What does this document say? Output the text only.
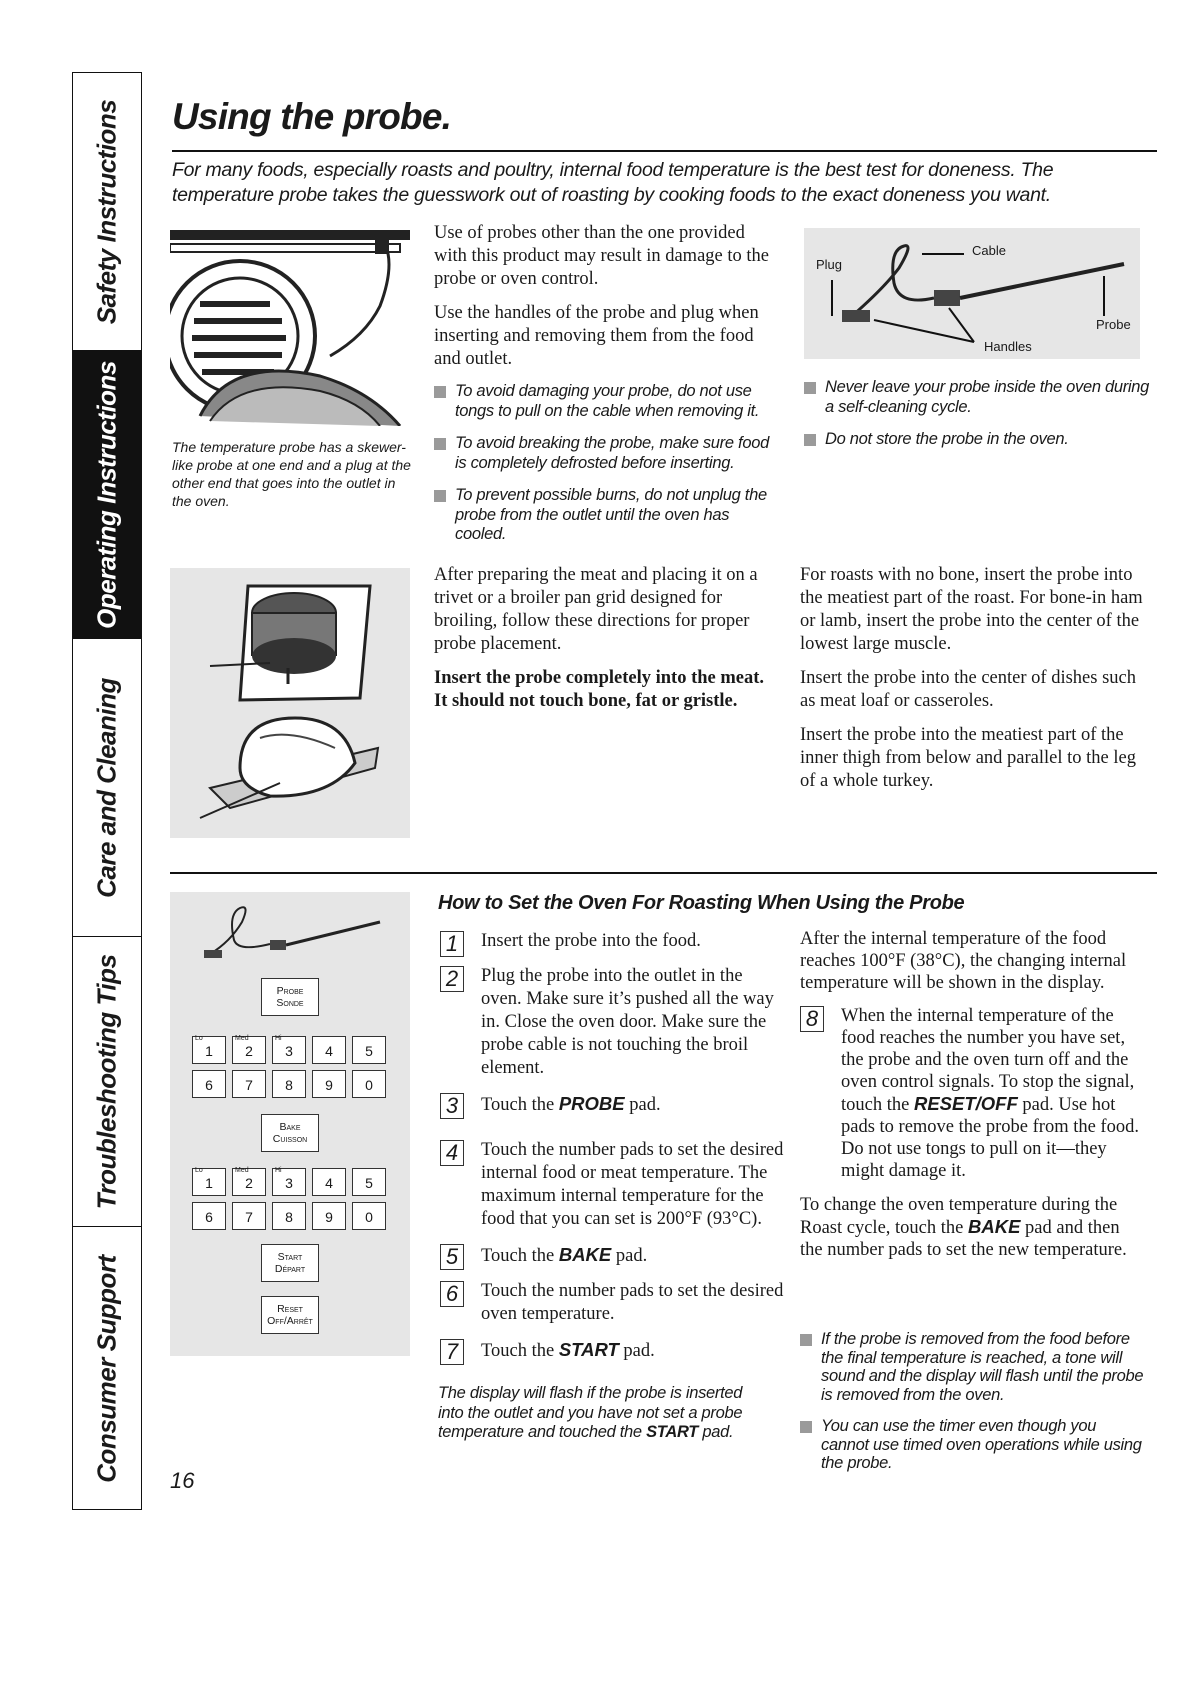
Safety Instructions
Operating Instructions
Care and Cleaning
Troubleshooting Tips
Consumer Support
Using the probe.
For many foods, especially roasts and poultry, internal food temperature is the best test for doneness. The temperature probe takes the guesswork out of roasting by cooking foods to the exact doneness you want.
The temperature probe has a skewer-like probe at one end and a plug at the other end that goes into the outlet in the oven.

Use of probes other than the one provided with this product may result in damage to the probe or oven control.

Use the handles of the probe and plug when inserting and removing them from the food and outlet.

To avoid damaging your probe, do not use tongs to pull on the cable when removing it.
To avoid breaking the probe, make sure food is completely defrosted before inserting.
To prevent possible burns, do not unplug the probe from the outlet until the oven has cooled.
Plug
Cable
Probe
Handles
Never leave your probe inside the oven during a self-cleaning cycle.
Do not store the probe in the oven.

After preparing the meat and placing it on a trivet or a broiler pan grid designed for broiling, follow these directions for proper probe placement.

Insert the probe completely into the meat. It should not touch bone, fat or gristle.

For roasts with no bone, insert the probe into the meatiest part of the roast. For bone-in ham or lamb, insert the probe into the center of the lowest large muscle.

Insert the probe into the center of dishes such as meat loaf or casseroles.

Insert the probe into the meatiest part of the inner thigh from below and parallel to the leg of a whole turkey.

Probe
Sonde
Lo
1
Med
2
Hi
3	4	5
6	7	8	9	0
Bake
Cuisson
Lo
1
Med
2
Hi
3	4	5
6	7	8	9	0
Start
Départ
Reset
Off/Arrêt
How to Set the Oven For Roasting When Using the Probe
1	Insert the probe into the food.
2	Plug the probe into the outlet in the oven. Make sure it’s pushed all the way in. Close the oven door. Make sure the probe cable is not touching the broil element.
3	Touch the PROBE pad.
4	Touch the number pads to set the desired internal food or meat temperature. The maximum internal temperature for the food that you can set is 200°F (93°C).
5	Touch the BAKE pad.
6	Touch the number pads to set the desired oven temperature.
7	Touch the START pad.
The display will flash if the probe is inserted into the outlet and you have not set a probe temperature and touched the START pad.

After the internal temperature of the food reaches 100°F (38°C), the changing internal temperature will be shown in the display.

8	When the internal temperature of the food reaches the number you have set, the probe and the oven turn off and the oven control signals. To stop the signal, touch the RESET/OFF pad. Use hot pads to remove the probe from the food. Do not use tongs to pull on it—they might damage it.

To change the oven temperature during the Roast cycle, touch the BAKE pad and then the number pads to set the new temperature.

If the probe is removed from the food before the final temperature is reached, a tone will sound and the display will flash until the probe is removed from the oven.
You can use the timer even though you cannot use timed oven operations while using the probe.
16
